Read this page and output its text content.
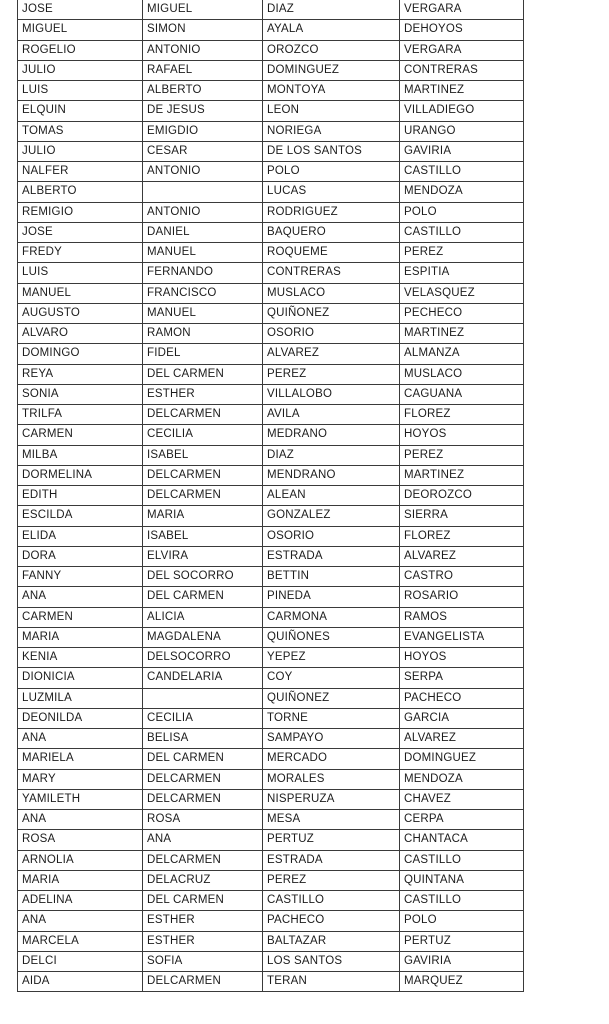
JOSE	MIGUEL	DIAZ	VERGARA
MIGUEL	SIMON	AYALA	DEHOYOS
ROGELIO	ANTONIO	OROZCO	VERGARA
JULIO	RAFAEL	DOMINGUEZ	CONTRERAS
LUIS	ALBERTO	MONTOYA	MARTINEZ
ELQUIN	DE JESUS	LEON	VILLADIEGO
TOMAS	EMIGDIO	NORIEGA	URANGO
JULIO	CESAR	DE LOS SANTOS	GAVIRIA
NALFER	ANTONIO	POLO	CASTILLO
ALBERTO		LUCAS	MENDOZA
REMIGIO	ANTONIO	RODRIGUEZ	POLO
JOSE	DANIEL	BAQUERO	CASTILLO
FREDY	MANUEL	ROQUEME	PEREZ
LUIS	FERNANDO	CONTRERAS	ESPITIA
MANUEL	FRANCISCO	MUSLACO	VELASQUEZ
AUGUSTO	MANUEL	QUIÑONEZ	PECHECO
ALVARO	RAMON	OSORIO	MARTINEZ
DOMINGO	FIDEL	ALVAREZ	ALMANZA
REYA	DEL CARMEN	PEREZ	MUSLACO
SONIA	ESTHER	VILLALOBO	CAGUANA
TRILFA	DELCARMEN	AVILA	FLOREZ
CARMEN	CECILIA	MEDRANO	HOYOS
MILBA	ISABEL	DIAZ	PEREZ
DORMELINA	DELCARMEN	MENDRANO	MARTINEZ
EDITH	DELCARMEN	ALEAN	DEOROZCO
ESCILDA	MARIA	GONZALEZ	SIERRA
ELIDA	ISABEL	OSORIO	FLOREZ
DORA	ELVIRA	ESTRADA	ALVAREZ
FANNY	DEL SOCORRO	BETTIN	CASTRO
ANA	DEL CARMEN	PINEDA	ROSARIO
CARMEN	ALICIA	CARMONA	RAMOS
MARIA	MAGDALENA	QUIÑONES	EVANGELISTA
KENIA	DELSOCORRO	YEPEZ	HOYOS
DIONICIA	CANDELARIA	COY	SERPA
LUZMILA		QUIÑONEZ	PACHECO
DEONILDA	CECILIA	TORNE	GARCIA
ANA	BELISA	SAMPAYO	ALVAREZ
MARIELA	DEL CARMEN	MERCADO	DOMINGUEZ
MARY	DELCARMEN	MORALES	MENDOZA
YAMILETH	DELCARMEN	NISPERUZA	CHAVEZ
ANA	ROSA	MESA	CERPA
ROSA	ANA	PERTUZ	CHANTACA
ARNOLIA	DELCARMEN	ESTRADA	CASTILLO
MARIA	DELACRUZ	PEREZ	QUINTANA
ADELINA	DEL CARMEN	CASTILLO	CASTILLO
ANA	ESTHER	PACHECO	POLO
MARCELA	ESTHER	BALTAZAR	PERTUZ
DELCI	SOFIA	LOS SANTOS	GAVIRIA
AIDA	DELCARMEN	TERAN	MARQUEZ
